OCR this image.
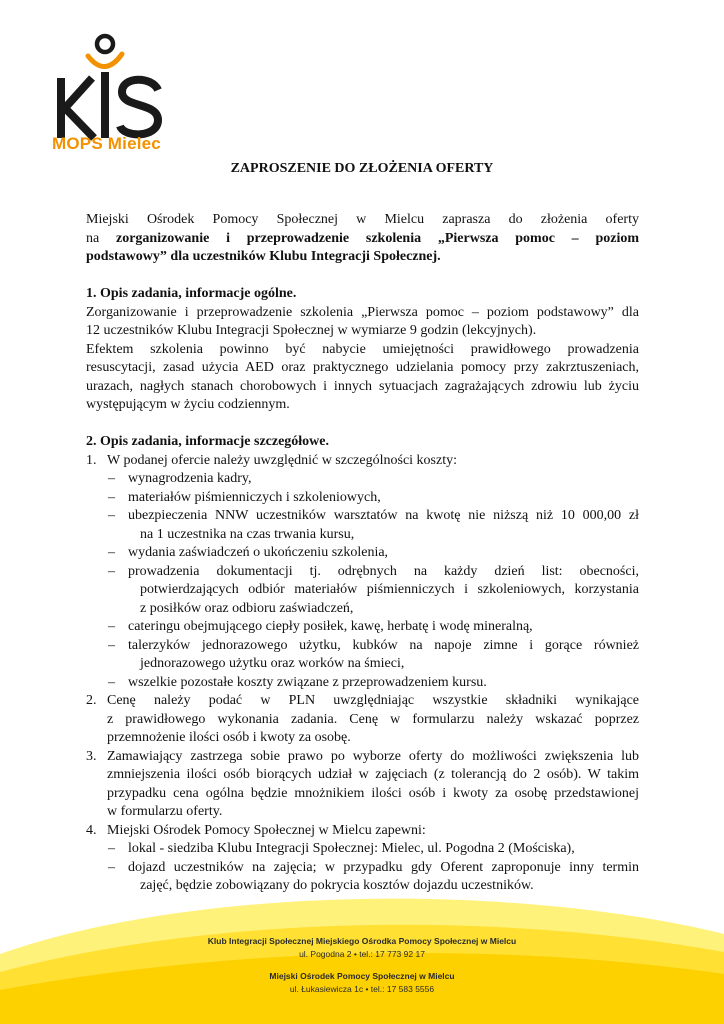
MOPS Mielec
ZAPROSZENIE DO ZŁOŻENIA OFERTY
Miejski Ośrodek Pomocy Społecznej w Mielcu zaprasza do złożenia oferty
na zorganizowanie i przeprowadzenie szkolenia „Pierwsza pomoc – poziom
podstawowy” dla uczestników Klubu Integracji Społecznej.
1. Opis zadania, informacje ogólne.
Zorganizowanie i przeprowadzenie szkolenia „Pierwsza pomoc – poziom podstawowy” dla
12 uczestników Klubu Integracji Społecznej w wymiarze 9 godzin (lekcyjnych).
Efektem szkolenia powinno być nabycie umiejętności prawidłowego prowadzenia
resuscytacji, zasad użycia AED oraz praktycznego udzielania pomocy przy zakrztuszeniach,
urazach, nagłych stanach chorobowych i innych sytuacjach zagrażających zdrowiu lub życiu
występującym w życiu codziennym.
2. Opis zadania, informacje szczegółowe.
1. W podanej ofercie należy uwzględnić w szczególności koszty:
– wynagrodzenia kadry,
– materiałów piśmienniczych i szkoleniowych,
– ubezpieczenia NNW uczestników warsztatów na kwotę nie niższą niż 10 000,00 zł
na 1 uczestnika na czas trwania kursu,
– wydania zaświadczeń o ukończeniu szkolenia,
– prowadzenia dokumentacji tj. odrębnych na każdy dzień list: obecności,
potwierdzających odbiór materiałów piśmienniczych i szkoleniowych, korzystania
z posiłków oraz odbioru zaświadczeń,
– cateringu obejmującego ciepły posiłek, kawę, herbatę i wodę mineralną,
– talerzyków jednorazowego użytku, kubków na napoje zimne i gorące również
jednorazowego użytku oraz worków na śmieci,
– wszelkie pozostałe koszty związane z przeprowadzeniem kursu.
2. Cenę należy podać w PLN uwzględniając wszystkie składniki wynikające
z prawidłowego wykonania zadania. Cenę w formularzu należy wskazać poprzez
przemnożenie ilości osób i kwoty za osobę.
3. Zamawiający zastrzega sobie prawo po wyborze oferty do możliwości zwiększenia lub
zmniejszenia ilości osób biorących udział w zajęciach (z tolerancją do 2 osób). W takim
przypadku cena ogólna będzie mnożnikiem ilości osób i kwoty za osobę przedstawionej
w formularzu oferty.
4. Miejski Ośrodek Pomocy Społecznej w Mielcu zapewni:
– lokal - siedziba Klubu Integracji Społecznej: Mielec, ul. Pogodna 2 (Mościska),
– dojazd uczestników na zajęcia; w przypadku gdy Oferent zaproponuje inny termin
zajęć, będzie zobowiązany do pokrycia kosztów dojazdu uczestników.
Klub Integracji Społecznej Miejskiego Ośrodka Pomocy Społecznej w Mielcu
ul. Pogodna 2 • tel.: 17 773 92 17
Miejski Ośrodek Pomocy Społecznej w Mielcu
ul. Łukasiewicza 1c • tel.: 17 583 5556
